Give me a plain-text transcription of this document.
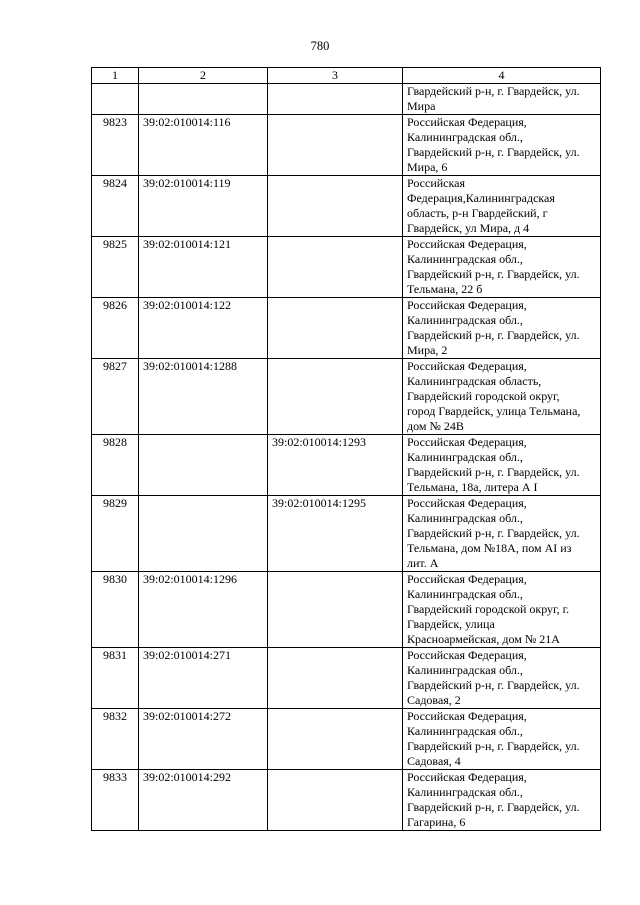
780
1	2	3	4
			Гвардейский р-н, г. Гвардейск, ул.
Мира
9823	39:02:010014:116		Российская Федерация,
Калининградская обл.,
Гвардейский р-н, г. Гвардейск, ул.
Мира, 6
9824	39:02:010014:119		Российская
Федерация,Калининградская
область, р-н Гвардейский, г
Гвардейск, ул Мира, д 4
9825	39:02:010014:121		Российская Федерация,
Калининградская обл.,
Гвардейский р-н, г. Гвардейск, ул.
Тельмана, 22 б
9826	39:02:010014:122		Российская Федерация,
Калининградская обл.,
Гвардейский р-н, г. Гвардейск, ул.
Мира, 2
9827	39:02:010014:1288		Российская Федерация,
Калининградская область,
Гвардейский городской округ,
город Гвардейск, улица Тельмана,
дом № 24В
9828		39:02:010014:1293	Российская Федерация,
Калининградская обл.,
Гвардейский р-н, г. Гвардейск, ул.
Тельмана, 18а, литера А I
9829		39:02:010014:1295	Российская Федерация,
Калининградская обл.,
Гвардейский р-н, г. Гвардейск, ул.
Тельмана, дом №18А, пом АI из
лит. А
9830	39:02:010014:1296		Российская Федерация,
Калининградская обл.,
Гвардейский городской округ, г.
Гвардейск, улица
Красноармейская, дом № 21А
9831	39:02:010014:271		Российская Федерация,
Калининградская обл.,
Гвардейский р-н, г. Гвардейск, ул.
Садовая, 2
9832	39:02:010014:272		Российская Федерация,
Калининградская обл.,
Гвардейский р-н, г. Гвардейск, ул.
Садовая, 4
9833	39:02:010014:292		Российская Федерация,
Калининградская обл.,
Гвардейский р-н, г. Гвардейск, ул.
Гагарина, 6
